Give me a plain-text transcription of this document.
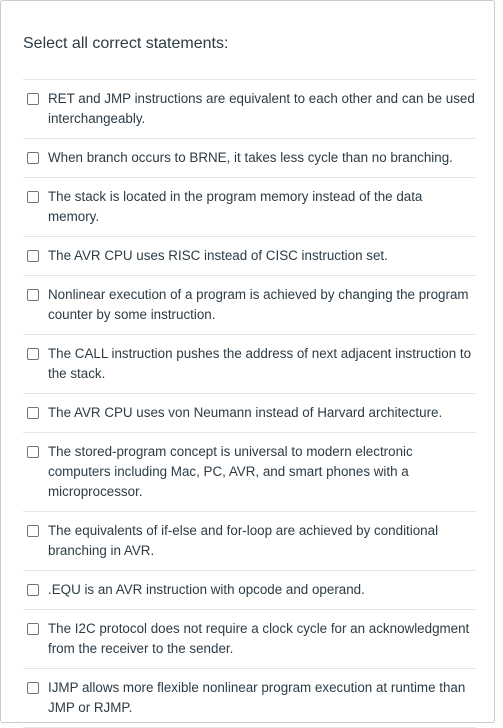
Select all correct statements:
RET and JMP instructions are equivalent to each other and can be used interchangeably.
When branch occurs to BRNE, it takes less cycle than no branching.
The stack is located in the program memory instead of the data memory.
The AVR CPU uses RISC instead of CISC instruction set.
Nonlinear execution of a program is achieved by changing the program counter by some instruction.
The CALL instruction pushes the address of next adjacent instruction to the stack.
The AVR CPU uses von Neumann instead of Harvard architecture.
The stored-program concept is universal to modern electronic computers including Mac, PC, AVR, and smart phones with a microprocessor.
The equivalents of if-else and for-loop are achieved by conditional branching in AVR.
.EQU is an AVR instruction with opcode and operand.
The I2C protocol does not require a clock cycle for an acknowledgment from the receiver to the sender.
IJMP allows more flexible nonlinear program execution at runtime than JMP or RJMP.
